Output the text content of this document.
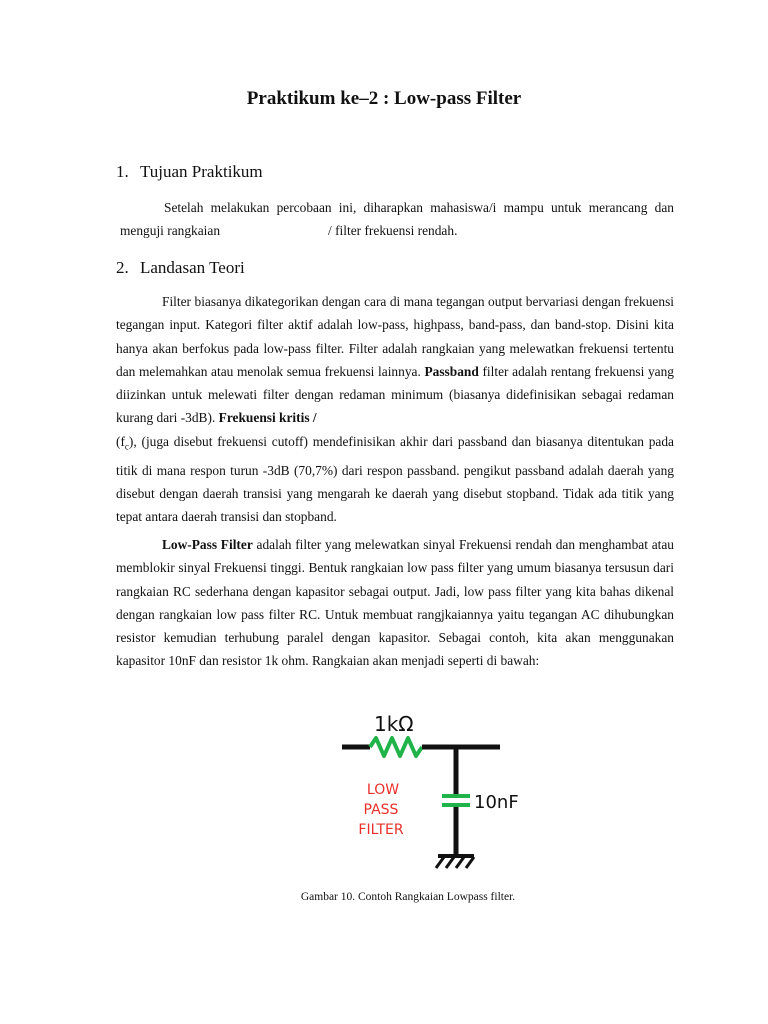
Praktikum ke–2 : Low-pass Filter
1. Tujuan Praktikum
Setelah melakukan percobaan ini, diharapkan mahasiswa/i mampu untuk merancang dan
menguji rangkaian	/ filter frekuensi rendah.
2. Landasan Teori
Filter biasanya dikategorikan dengan cara di mana tegangan output bervariasi dengan frekuensi tegangan input. Kategori filter aktif adalah low-pass, highpass, band-pass, dan band-stop. Disini kita hanya akan berfokus pada low-pass filter. Filter adalah rangkaian yang melewatkan frekuensi tertentu dan melemahkan atau menolak semua frekuensi lainnya. Passband filter adalah rentang frekuensi yang diizinkan untuk melewati filter dengan redaman minimum (biasanya didefinisikan sebagai redaman kurang dari -3dB). Frekuensi kritis /
$(f_c)$, (juga disebut frekuensi cutoff) mendefinisikan akhir dari passband dan biasanya ditentukan pada titik di mana respon turun -3dB (70,7%) dari respon passband. pengikut passband adalah daerah yang disebut dengan daerah transisi yang mengarah ke daerah yang disebut stopband. Tidak ada titik yang tepat antara daerah transisi dan stopband.
Low-Pass Filter adalah filter yang melewatkan sinyal Frekuensi rendah dan menghambat atau memblokir sinyal Frekuensi tinggi. Bentuk rangkaian low pass filter yang umum biasanya tersusun dari rangkaian RC sederhana dengan kapasitor sebagai output. Jadi, low pass filter yang kita bahas dikenal dengan rangkaian low pass filter RC. Untuk membuat rangjkaiannya yaitu tegangan AC dihubungkan resistor kemudian terhubung paralel dengan kapasitor. Sebagai contoh, kita akan menggunakan kapasitor 10nF dan resistor 1k ohm. Rangkaian akan menjadi seperti di bawah:
1kΩ
10nF
LOW
PASS
FILTER
Gambar 10. Contoh Rangkaian Lowpass filter.
